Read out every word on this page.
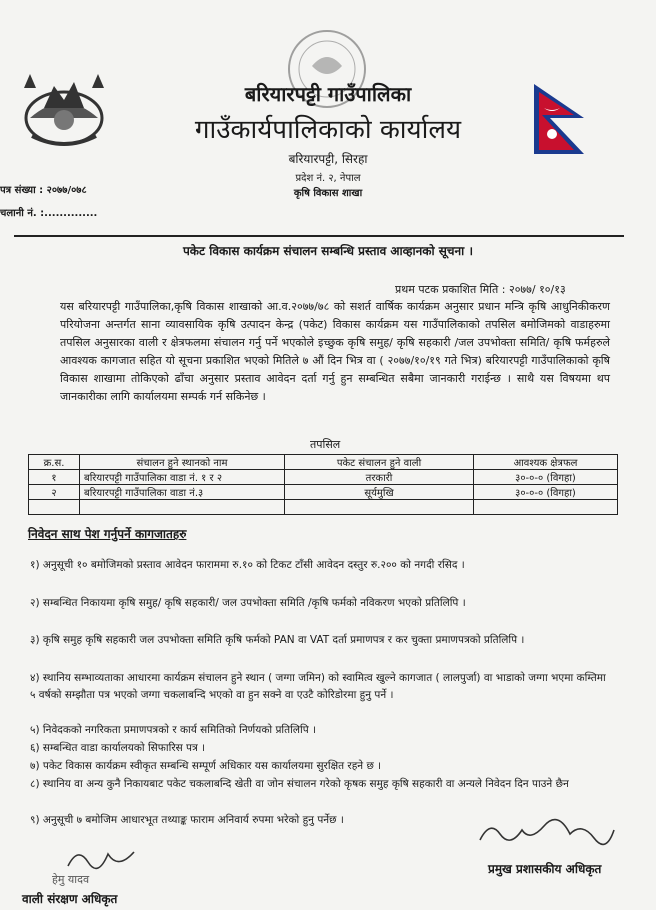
बरियारपट्टी गाउँपालिका
गाउँकार्यपालिकाको कार्यालय
बरियारपट्टी, सिरहा
प्रदेश नं. २, नेपाल
कृषि विकास शाखा
पत्र संख्या : २०७७/०७८
चलानी नं. :..............
पकेट विकास कार्यक्रम संचालन सम्बन्धि प्रस्ताव आव्हानको सूचना ।
प्रथम पटक प्रकाशित मिति : २०७७/ १०/१३
यस बरियारपट्टी गाउँपालिका,कृषि विकास शाखाको आ.व.२०७७/७८ को सशर्त वार्षिक कार्यक्रम अनुसार प्रधान मन्त्रि कृषि आधुनिकीकरण परियोजना अन्तर्गत साना व्यावसायिक कृषि उत्पादन केन्द्र (पकेट) विकास कार्यक्रम यस गाउँपालिकाको तपसिल बमोजिमको वाडाहरुमा तपसिल अनुसारका वाली र क्षेत्रफलमा संचालन गर्नु पर्ने भएकोले इच्छुक कृषि समुह/ कृषि सहकारी /जल उपभोक्ता समिति/ कृषि फर्महरुले आवश्यक कागजात सहित यो सूचना प्रकाशित भएको मितिले ७ औं दिन भित्र वा ( २०७७/१०/१९ गते भित्र) बरियारपट्टी गाउँपालिकाको कृषि विकास शाखामा तोकिएको ढाँचा अनुसार प्रस्ताव आवेदन दर्ता गर्नु हुन सम्बन्धित सबैमा जानकारी गराईन्छ । साथै यस विषयमा थप जानकारीका लागि कार्यालयमा सम्पर्क गर्न सकिनेछ ।
तपसिल
क्र.स.	संचालन हुने स्थानको नाम	पकेट संचालन हुने वाली	आवश्यक क्षेत्रफल
१	बरियारपट्टी गाउँपालिका वाडा नं. १ र २	तरकारी	३०-०-० (विगहा)
२	बरियारपट्टी गाउँपालिका वाडा नं.३	सूर्यमुखि	३०-०-० (विगहा)

निवेदन साथ पेश गर्नुपर्ने कागजातहरु
१) अनुसूची १० बमोजिमको प्रस्ताव आवेदन फाराममा रु.१० को टिकट टाँसी आवेदन दस्तुर रु.२०० को नगदी रसिद ।
२) सम्बन्धित निकायमा कृषि समुह/ कृषि सहकारी/ जल उपभोक्ता समिति /कृषि फर्मको नविकरण भएको प्रतिलिपि ।
३) कृषि समुह कृषि सहकारी जल उपभोक्ता समिति कृषि फर्मको PAN वा VAT दर्ता प्रमाणपत्र र कर चुक्ता प्रमाणपत्रको प्रतिलिपि ।
४) स्थानिय सम्भाव्यताका आधारमा कार्यक्रम संचालन हुने स्थान ( जग्गा जमिन) को स्वामित्व खुल्ने कागजात ( लालपुर्जा) वा भाडाको जग्गा भएमा कम्तिमा ५ वर्षको सम्झौता पत्र भएको जग्गा चकलाबन्दि भएको वा हुन सक्ने वा एउटै कोरिडोरमा हुनु पर्ने ।
५) निवेदकको नगरिकता प्रमाणपत्रको र कार्य समितिको निर्णयको प्रतिलिपि ।
६) सम्बन्धित वाडा कार्यालयको सिफारिस पत्र ।
७) पकेट विकास कार्यक्रम स्वीकृत सम्बन्धि सम्पूर्ण अधिकार यस कार्यालयमा सुरक्षित रहने छ ।
८) स्थानिय वा अन्य कुनै निकायबाट पकेट चकलाबन्दि खेती वा जोन संचालन गरेको कृषक समुह कृषि सहकारी वा अन्यले निवेदन दिन पाउने छैन
९) अनुसूची ७ बमोजिम आधारभूत तथ्याङ्क फाराम अनिवार्य रुपमा भरेको हुनु पर्नेछ ।
प्रमुख प्रशासकीय अधिकृत
हेमु यादव
वाली संरक्षण अधिकृत
